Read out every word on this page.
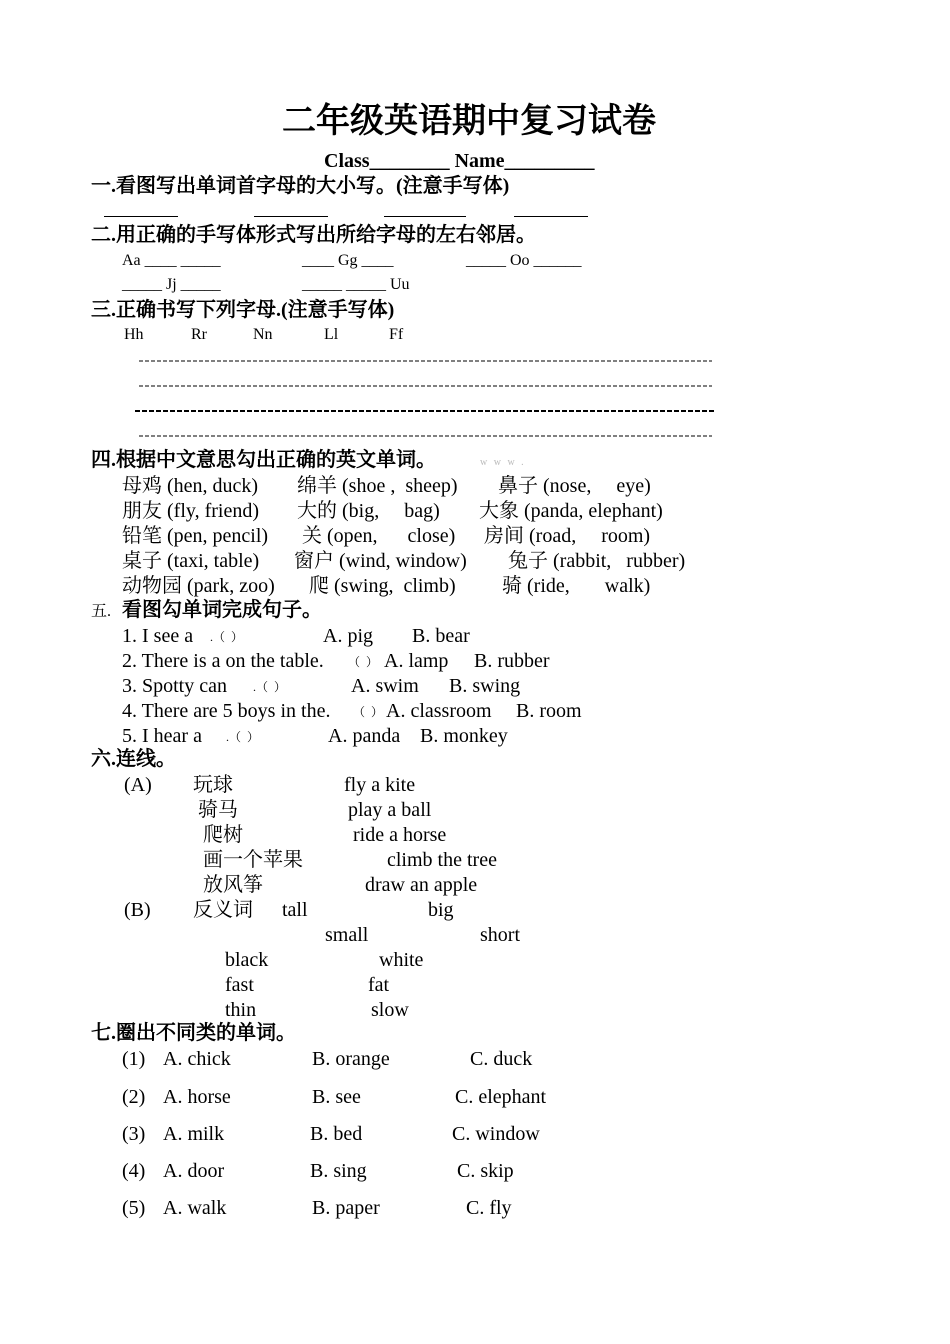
二年级英语期中复习试卷
Class________ Name_________
一.看图写出单词首字母的大小写。(注意手写体)
二.用正确的手写体形式写出所给字母的左右邻居。
Aa ____ _____	____ Gg ____	_____ Oo ______
_____ Jj _____	_____ _____ Uu
三.正确书写下列字母.(注意手写体)
Hh	Rr	Nn	Ll	Ff
四.根据中文意思勾出正确的英文单词。	w w w .
母鸡 (hen, duck) 绵羊 (shoe ,  sheep) 鼻子 (nose,     eye)
朋友 (fly, friend) 大的 (big,     bag) 大象 (panda, elephant)
铅笔 (pen, pencil) 关 (open,      close) 房间 (road,     room)
桌子 (taxi, table) 窗户 (wind, window) 兔子 (rabbit,   rubber)
动物园 (park, zoo) 爬 (swing,  climb) 骑 (ride,       walk)
五. 看图勾单词完成句子。
1. I see a .（  ）	A. pig B. bear
2. There is a on the table. （  ） A. lamp B. rubber
3. Spotty can .（  ）	A. swim B. swing
4. There are 5 boys in the. （  ） A. classroom B. room
5. I hear a .（  ）	A. panda B. monkey
六.连线。
(A) 玩球	fly a kite
骑马	play a ball
爬树	ride a horse
画一个苹果	climb the tree
放风筝	draw an apple
(B) 反义词 tall	big
small	short
black	white
fast	fat
thin	slow
七.圈出不同类的单词。
(1) A. chick	B. orange	C. duck
(2) A. horse	B. see	C. elephant
(3) A. milk	B. bed	C. window
(4) A. door	B. sing	C. skip
(5) A. walk	B. paper	C. fly
